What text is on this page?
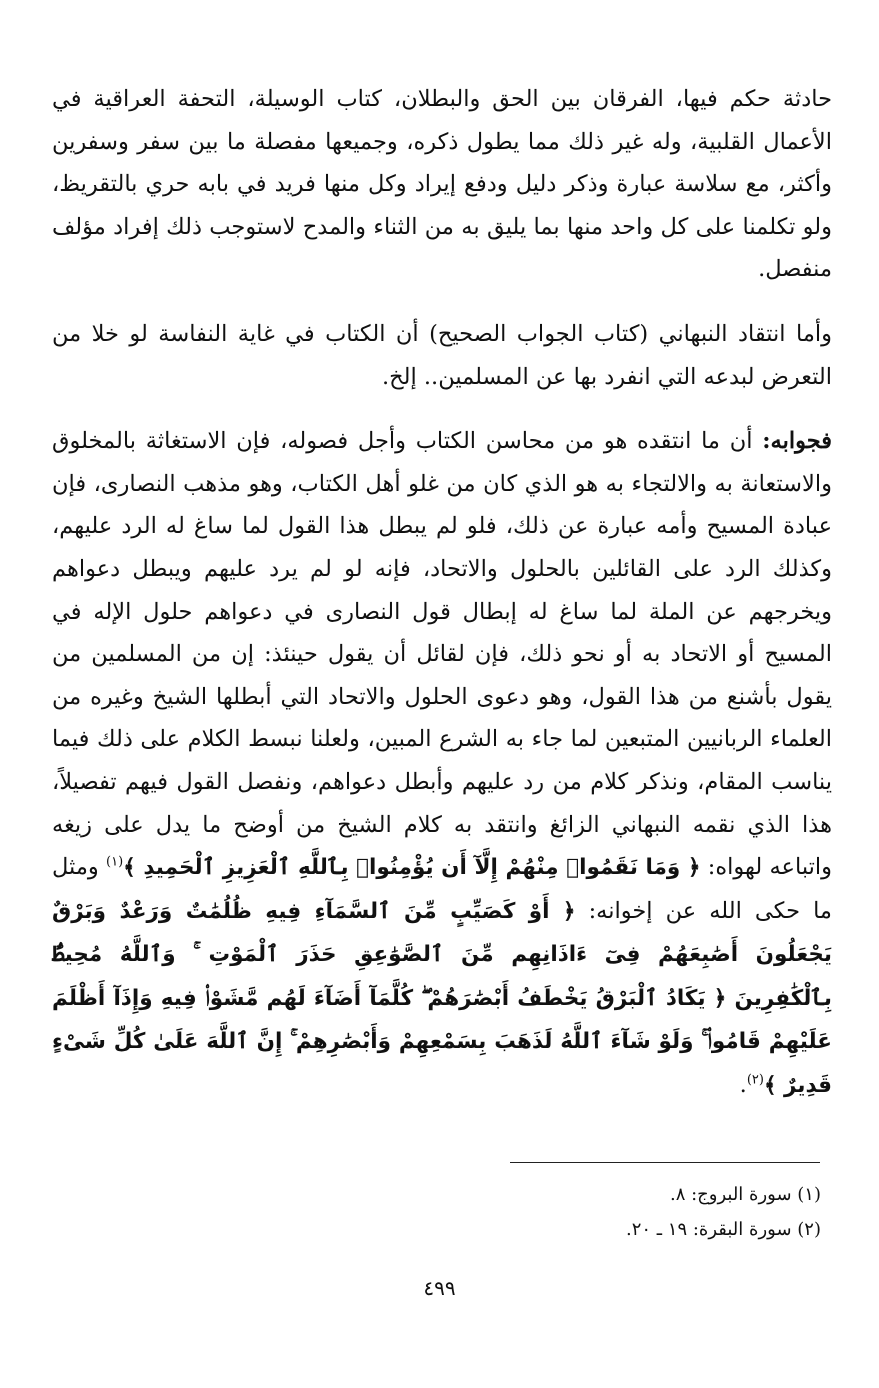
حادثة حكم فيها، الفرقان بين الحق والبطلان، كتاب الوسيلة، التحفة العراقية في الأعمال القلبية، وله غير ذلك مما يطول ذكره، وجميعها مفصلة ما بين سفر وسفرين وأكثر، مع سلاسة عبارة وذكر دليل ودفع إيراد وكل منها فريد في بابه حري بالتقريظ، ولو تكلمنا على كل واحد منها بما يليق به من الثناء والمدح لاستوجب ذلك إفراد مؤلف منفصل.

وأما انتقاد النبهاني (كتاب الجواب الصحيح) أن الكتاب في غاية النفاسة لو خلا من التعرض لبدعه التي انفرد بها عن المسلمين.. إلخ.

فجوابه: أن ما انتقده هو من محاسن الكتاب وأجل فصوله، فإن الاستغاثة بالمخلوق والاستعانة به والالتجاء به هو الذي كان من غلو أهل الكتاب، وهو مذهب النصارى، فإن عبادة المسيح وأمه عبارة عن ذلك، فلو لم يبطل هذا القول لما ساغ له الرد عليهم، وكذلك الرد على القائلين بالحلول والاتحاد، فإنه لو لم يرد عليهم ويبطل دعواهم ويخرجهم عن الملة لما ساغ له إبطال قول النصارى في دعواهم حلول الإله في المسيح أو الاتحاد به أو نحو ذلك، فإن لقائل أن يقول حينئذ: إن من المسلمين من يقول بأشنع من هذا القول، وهو دعوى الحلول والاتحاد التي أبطلها الشيخ وغيره من العلماء الربانيين المتبعين لما جاء به الشرع المبين، ولعلنا نبسط الكلام على ذلك فيما يناسب المقام، ونذكر كلام من رد عليهم وأبطل دعواهم، ونفصل القول فيهم تفصيلاً، هذا الذي نقمه النبهاني الزائغ وانتقد به كلام الشيخ من أوضح ما يدل على زيغه واتباعه لهواه: ﴿ وَمَا نَقَمُوا۟ مِنْهُمْ إِلَّآ أَن يُؤْمِنُوا۟ بِٱللَّهِ ٱلْعَزِيزِ ٱلْحَمِيدِ ﴾$^{(١)}$ ومثل ما حكى الله عن إخوانه: ﴿ أَوْ كَصَيِّبٍ مِّنَ ٱلسَّمَآءِ فِيهِ ظُلُمَٰتٌ وَرَعْدٌ وَبَرْقٌ يَجْعَلُونَ أَصَٰبِعَهُمْ فِىٓ ءَاذَانِهِم مِّنَ ٱلصَّوَٰعِقِ حَذَرَ ٱلْمَوْتِ ۚ وَٱللَّهُ مُحِيطٌۢ بِٱلْكَٰفِرِينَ ﴿ يَكَادُ ٱلْبَرْقُ يَخْطَفُ أَبْصَٰرَهُمْ ۖ كُلَّمَآ أَضَآءَ لَهُم مَّشَوْا۟ فِيهِ وَإِذَآ أَظْلَمَ عَلَيْهِمْ قَامُوا۟ ۚ وَلَوْ شَآءَ ٱللَّهُ لَذَهَبَ بِسَمْعِهِمْ وَأَبْصَٰرِهِمْ ۚ إِنَّ ٱللَّهَ عَلَىٰ كُلِّ شَىْءٍ قَدِيرٌ ﴾$^{(٢)}$.

(١) سورة البروج: ٨.
(٢) سورة البقرة: ١٩ ـ ٢٠.
٤٩٩
